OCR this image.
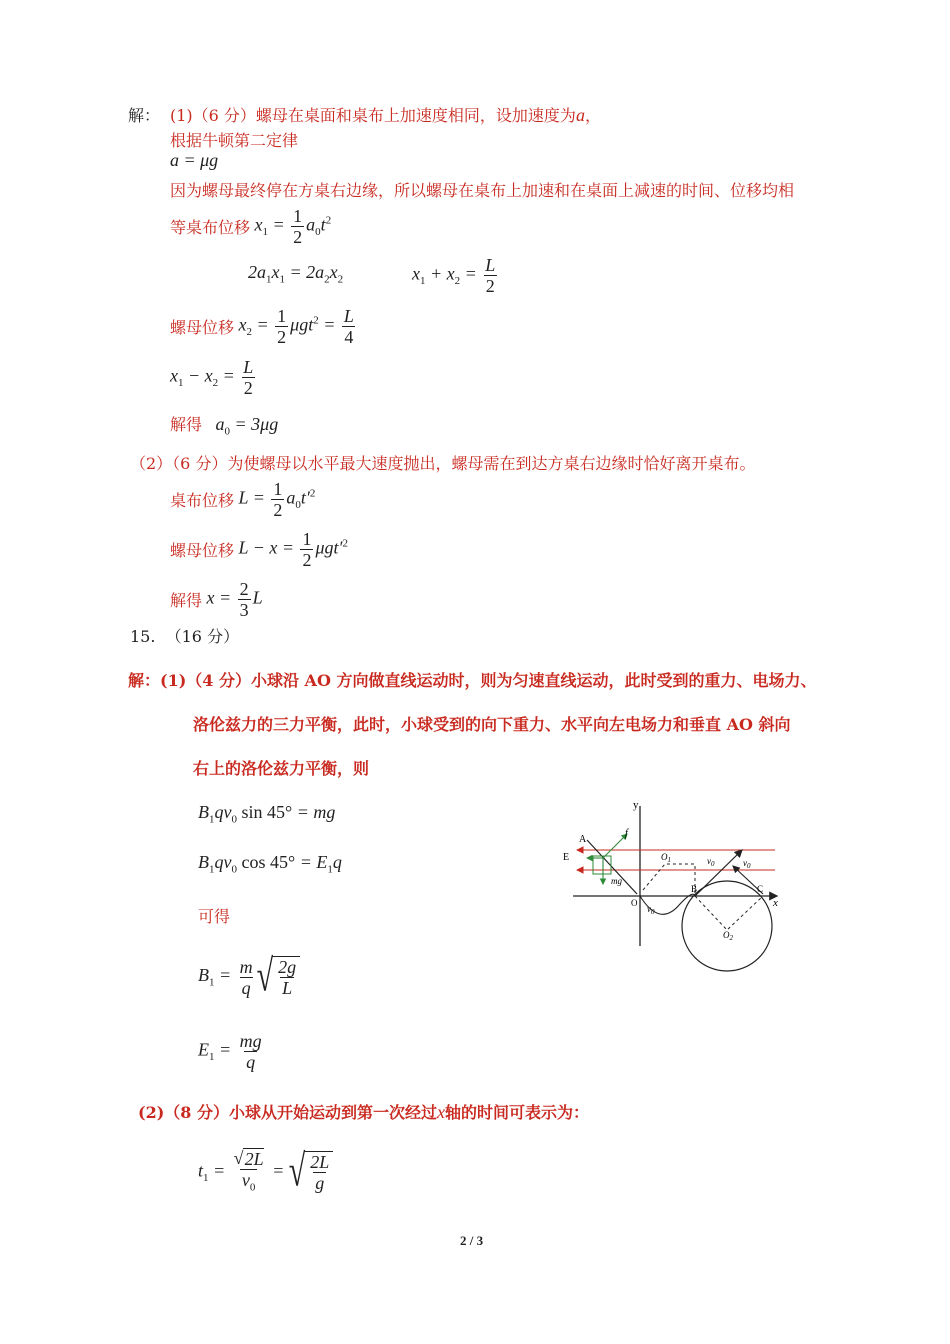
解： (1)（6 分）螺母在桌面和桌布上加速度相同，设加速度为a，
根据牛顿第二定律
a = μg
因为螺母最终停在方桌右边缘，所以螺母在桌布上加速和在桌面上减速的时间、位移均相
等桌布位移 $x_1 = \frac{1}{2} a_0t^2$
$2a_1x_1 = 2a_2x_2$	$x_1 + x_2 = \frac{L}{2}$
螺母位移 $x_2 = \frac{1}{2} \mu gt^2 = \frac{L}{4}$
$x_1 - x_2 = \frac{L}{2}$
解得   $a_0 = 3\mu g$
（2）（6 分）为使螺母以水平最大速度抛出，螺母需在到达方桌右边缘时恰好离开桌布。
桌布位移 $L = \frac{1}{2} a_0t'^2$
螺母位移 $L - x = \frac{1}{2} \mu gt'^2$
解得 $x = \frac{2}{3}$ L
15. （16 分）
解：(1)（4 分）小球沿 AO 方向做直线运动时，则为匀速直线运动，此时受到的重力、电场力、
洛伦兹力的三力平衡，此时，小球受到的向下重力、水平向左电场力和垂直 AO 斜向
右上的洛伦兹力平衡，则
$B_1qv_0$ sin 45° = mg
$B_1qv_0$ $\cos 45^\circ = E_1q$
可得
$B_1 = \frac{m}{q}$ √ $\frac{2g}{L}$
$E_1 = \frac{mg}{q}$
(2)（8 分）小球从开始运动到第一次经过x轴的时间可表示为：
$t_1 = \frac{√ 2L}{v_0}$ = √ $\frac{2L}{g}$
y
x
A
E
f
O
$O_1$
$O_2$
B	C
mg
$v_0$
$v_0$	$v_0$
2 / 3
